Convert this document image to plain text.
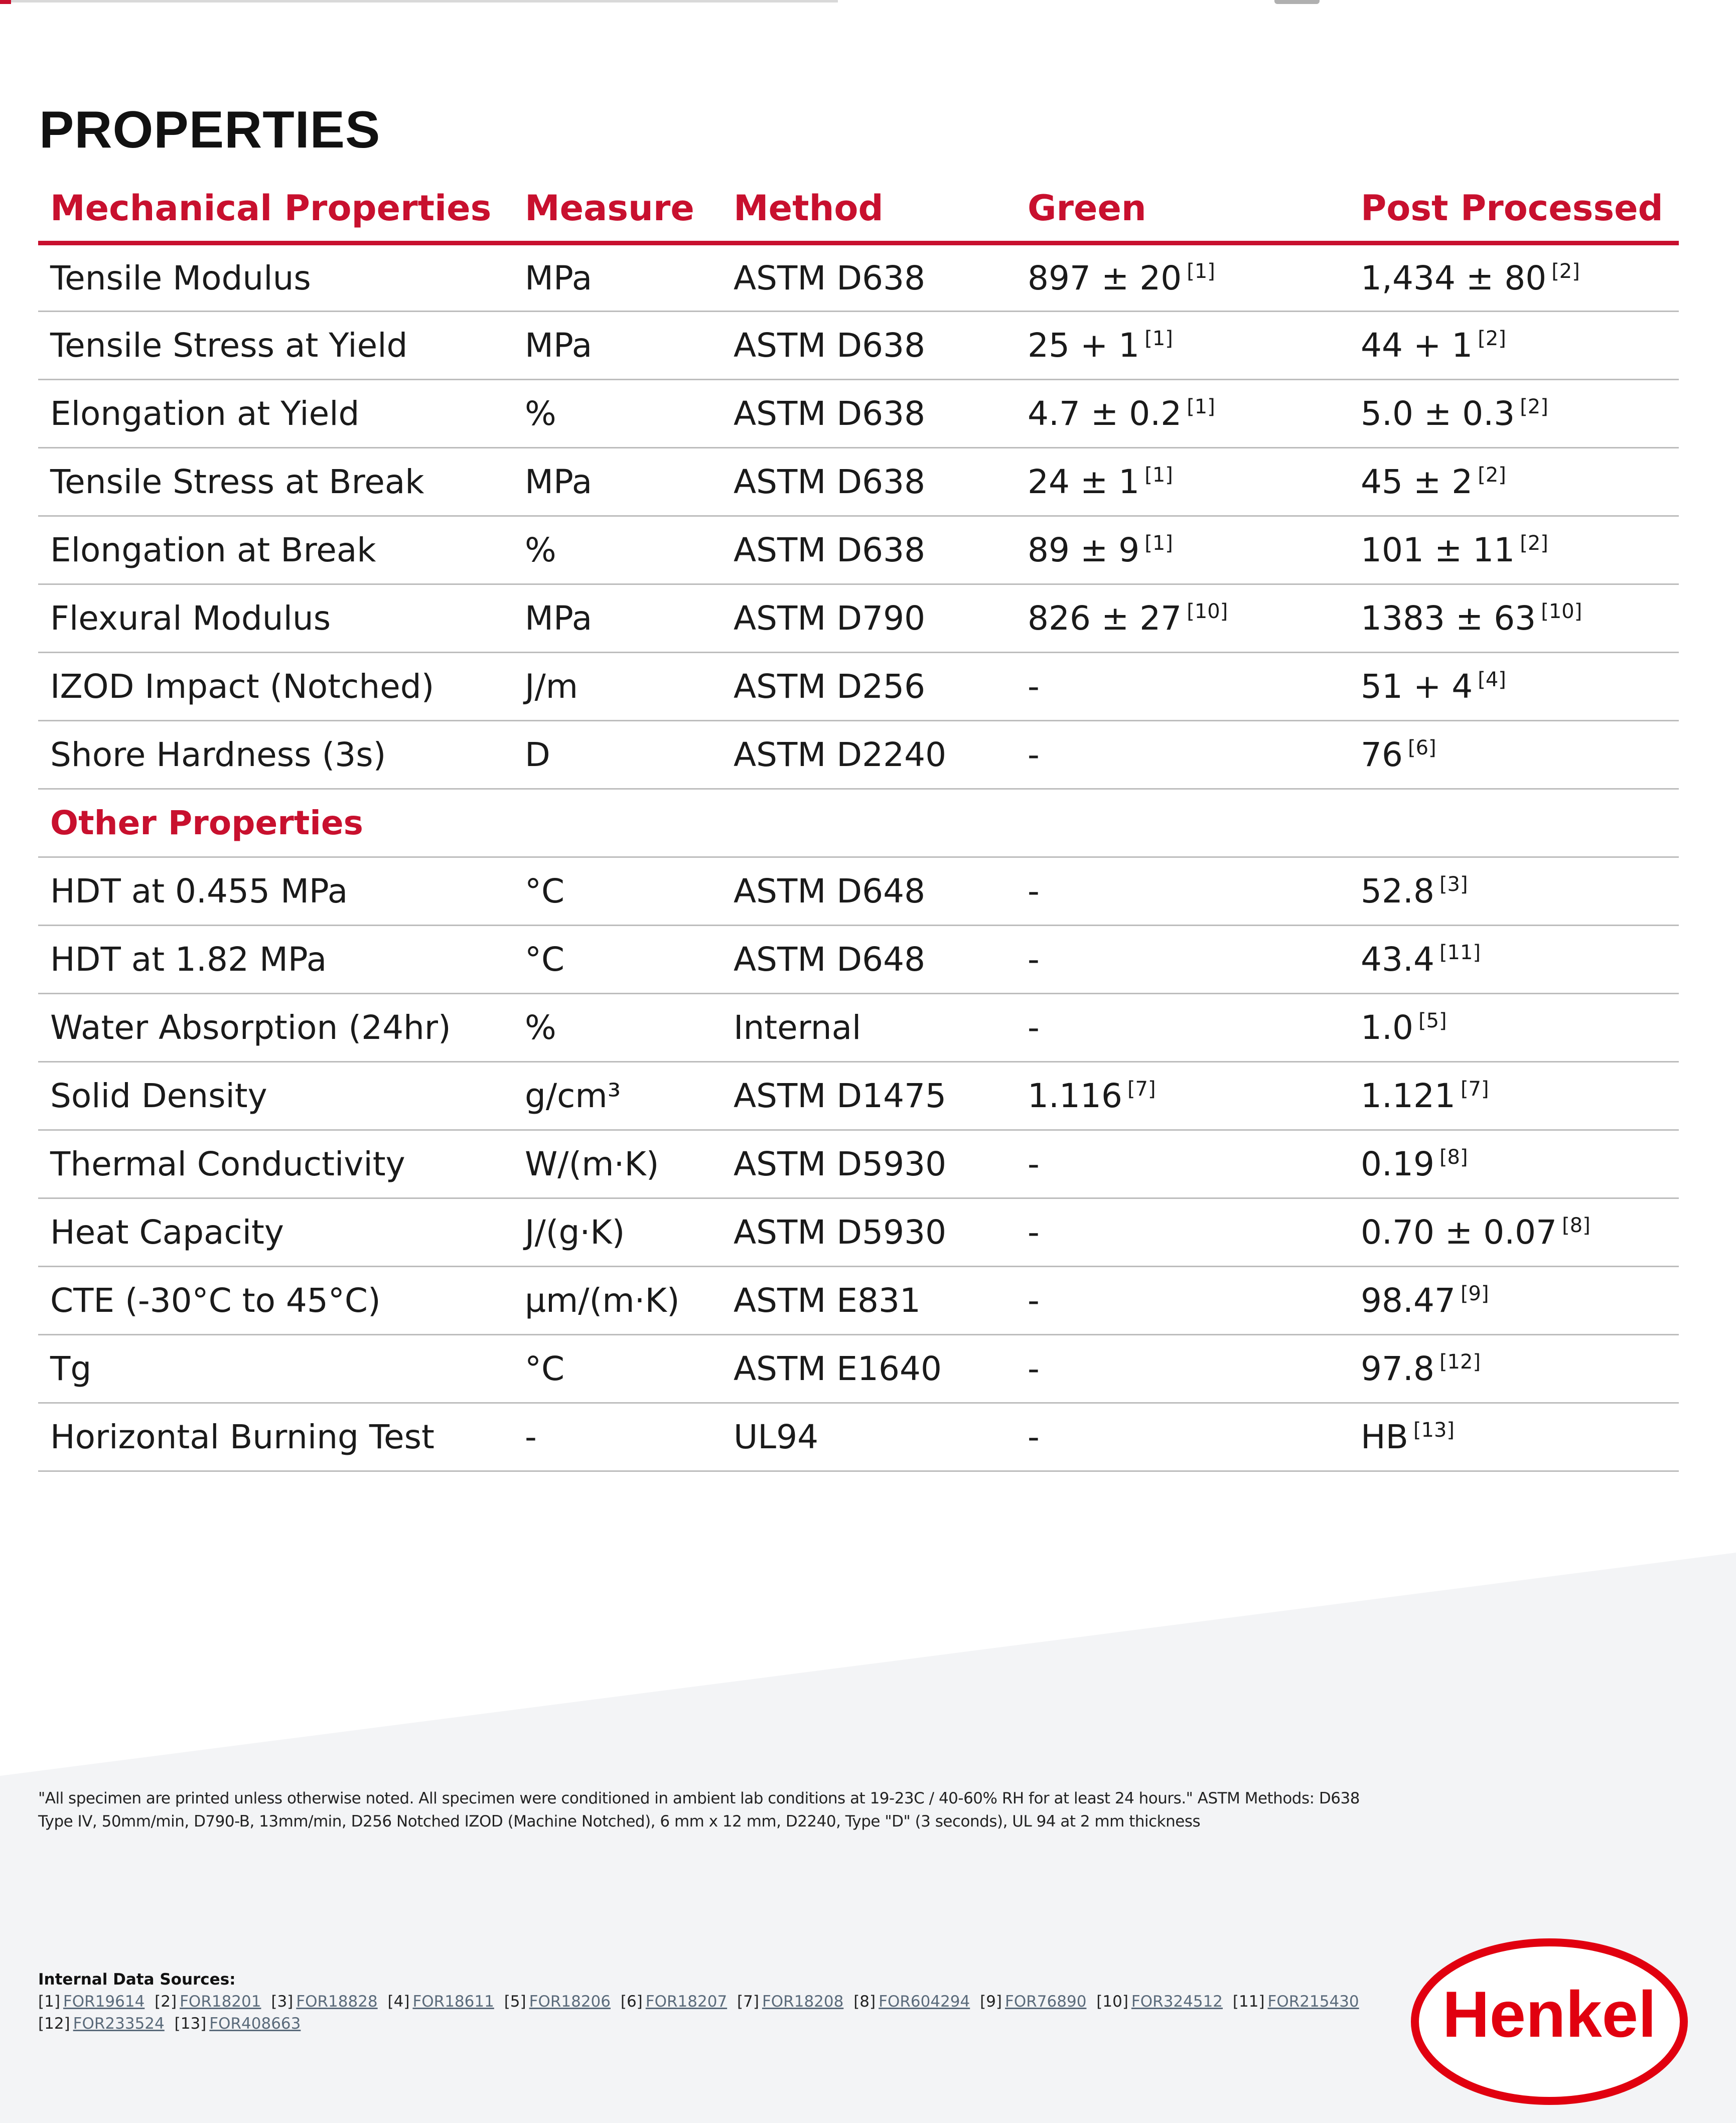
PROPERTIES
Mechanical Properties	Measure	Method	Green	Post Processed
Tensile Modulus	MPa	ASTM D638	897 ± 20 [1]	1,434 ± 80 [2]
Tensile Stress at Yield	MPa	ASTM D638	25 + 1 [1]	44 + 1 [2]
Elongation at Yield	%	ASTM D638	4.7 ± 0.2 [1]	5.0 ± 0.3 [2]
Tensile Stress at Break	MPa	ASTM D638	24 ± 1 [1]	45 ± 2 [2]
Elongation at Break	%	ASTM D638	89 ± 9 [1]	101 ± 11 [2]
Flexural Modulus	MPa	ASTM D790	826 ± 27 [10]	1383 ± 63 [10]
IZOD Impact (Notched)	J/m	ASTM D256	-	51 + 4 [4]
Shore Hardness (3s)	D	ASTM D2240	-	76 [6]
Other Properties				
HDT at 0.455 MPa	°C	ASTM D648	-	52.8 [3]
HDT at 1.82 MPa	°C	ASTM D648	-	43.4 [11]
Water Absorption (24hr)	%	Internal	-	1.0 [5]
Solid Density	g/cm³	ASTM D1475	1.116 [7]	1.121 [7]
Thermal Conductivity	W/(m·K)	ASTM D5930	-	0.19 [8]
Heat Capacity	J/(g·K)	ASTM D5930	-	0.70 ± 0.07 [8]
CTE (-30°C to 45°C)	µm/(m·K)	ASTM E831	-	98.47 [9]
Tg	°C	ASTM E1640	-	97.8 [12]
Horizontal Burning Test	-	UL94	-	HB [13]
"All specimen are printed unless otherwise noted. All specimen were conditioned in ambient lab conditions at 19-23C / 40-60% RH for at least 24 hours." ASTM Methods: D638 Type IV, 50mm/min, D790-B, 13mm/min, D256 Notched IZOD (Machine Notched), 6 mm x 12 mm, D2240, Type "D" (3 seconds), UL 94 at 2 mm thickness
Internal Data Sources:
[1] FOR19614 [2] FOR18201 [3] FOR18828 [4] FOR18611 [5] FOR18206 [6] FOR18207 [7] FOR18208 [8] FOR604294 [9] FOR76890 [10] FOR324512 [11] FOR215430 [12] FOR233524 [13] FOR408663	Henkel
